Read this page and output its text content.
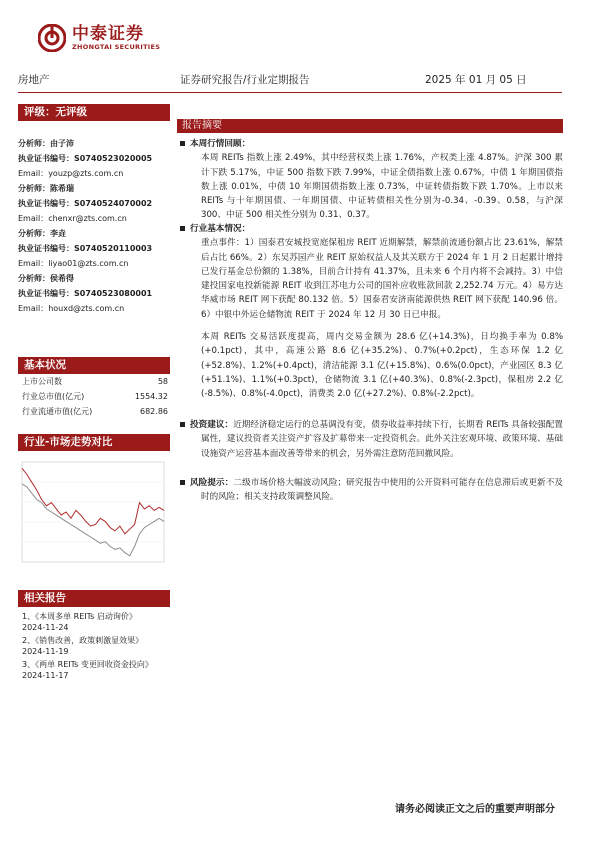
中泰证券
ZHONGTAI SECURITIES
房地产	证券研究报告/行业定期报告	2025 年 01 月 05 日
评级：无评级
分析师：由子沛
执业证书编号：S0740523020005
Email：youzp@zts.com.cn
分析师：陈希瑞
执业证书编号：S0740524070002
Email：chenxr@zts.com.cn
分析师：李垚
执业证书编号：S0740520110003
Email：liyao01@zts.com.cn
分析师：侯希得
执业证书编号：S0740523080001
Email：houxd@zts.com.cn
基本状况
上市公司数	58
行业总市值(亿元)	1554.32
行业流通市值(亿元)	682.86
行业-市场走势对比
相关报告
1、《本周多单 REITs 启动询价》
2024-11-24
2、《销售改善，政策刺激显效果》
2024-11-19
3、《两单 REITs 变更回收资金投向》
2024-11-17
报告摘要
本周行情回顾：

本周 REITs 指数上涨 2.49%，其中经营权类上涨 1.76%，产权类上涨 4.87%。沪深 300 累计下跌 5.17%，中证 500 指数下跌 7.99%，中证全债指数上涨 0.67%，中债 1 年期国债指数上涨 0.01%，中债 10 年期国债指数上涨 0.73%，中证转债指数下跌 1.70%。上市以来 REITs 与十年期国债、一年期国债、中证转债相关性分别为-0.34、-0.39、0.58，与沪深 300、中证 500 相关性分别为 0.31、0.37。

行业基本情况：

重点事件：1）国泰君安城投宽庭保租房 REIT 近期解禁，解禁前流通份额占比 23.61%，解禁后占比 66%。2）东吴苏园产业 REIT 原始权益人及其关联方于 2024 年 1 月 2 日起累计增持已发行基金总份额的 1.38%，目前合计持有 41.37%，且未来 6 个月内将不会减持。3）中信建投国家电投新能源 REIT 收到江苏电力公司的国补应收账款回款 2,252.74 万元。4）易方达华威市场 REIT 网下获配 80.132 倍。5）国泰君安济南能源供热 REIT 网下获配 140.96 倍。6）中银中外运仓储物流 REIT 于 2024 年 12 月 30 日已申报。

本周 REITs 交易活跃度提高，周内交易金额为 28.6 亿(+14.3%)，日均换手率为 0.8%(+0.1pct)，其中，高速公路 8.6 亿(+35.2%)、0.7%(+0.2pct)，生态环保 1.2 亿(+52.8%)、1.2%(+0.4pct)，清洁能源 3.1 亿(+15.8%)、0.6%(0.0pct)，产业园区 8.3 亿(+51.1%)、1.1%(+0.3pct)，仓储物流 3.1 亿(+40.3%)、0.8%(-2.3pct)，保租房 2.2 亿(-8.5%)、0.8%(-4.0pct)，消费类 2.0 亿(+27.2%)、0.8%(-2.2pct)。

投资建议：近期经济稳定运行的总基调没有变，债券收益率持续下行，长期看 REITs 具备较强配置属性，建议投资者关注资产扩容及扩募带来一定投资机会。此外关注宏观环境、政策环境、基础设施资产运营基本面改善等带来的机会，另外需注意防范回撤风险。

风险提示：二级市场价格大幅波动风险；研究报告中使用的公开资料可能存在信息滞后或更新不及时的风险；相关支持政策调整风险。

请务必阅读正文之后的重要声明部分
